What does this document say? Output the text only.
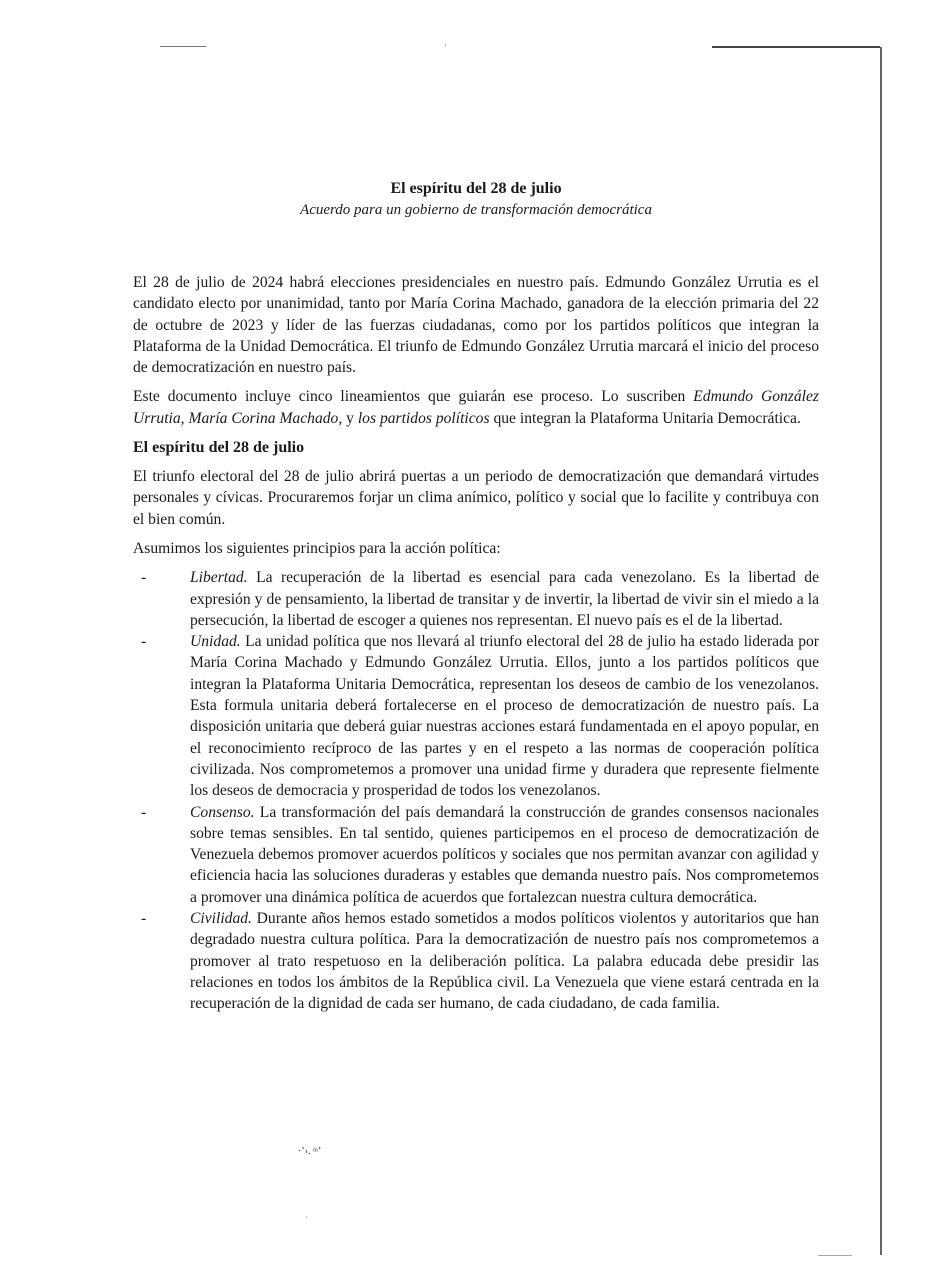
·
·ʼ›. ᵐʼ
·
El espíritu del 28 de julio
Acuerdo para un gobierno de transformación democrática

El 28 de julio de 2024 habrá elecciones presidenciales en nuestro país. Edmundo González Urrutia es el candidato electo por unanimidad, tanto por María Corina Machado, ganadora de la elección primaria del 22 de octubre de 2023 y líder de las fuerzas ciudadanas, como por los partidos políticos que integran la Plataforma de la Unidad Democrática. El triunfo de Edmundo González Urrutia marcará el inicio del proceso de democratización en nuestro país.

Este documento incluye cinco lineamientos que guiarán ese proceso. Lo suscriben Edmundo González Urrutia, María Corina Machado, y los partidos políticos que integran la Plataforma Unitaria Democrática.

El espíritu del 28 de julio

El triunfo electoral del 28 de julio abrirá puertas a un periodo de democratización que demandará virtudes personales y cívicas. Procuraremos forjar un clima anímico, político y social que lo facilite y contribuya con el bien común.

Asumimos los siguientes principios para la acción política:

-	Libertad. La recuperación de la libertad es esencial para cada venezolano. Es la libertad de expresión y de pensamiento, la libertad de transitar y de invertir, la libertad de vivir sin el miedo a la persecución, la libertad de escoger a quienes nos representan. El nuevo país es el de la libertad.
-	Unidad. La unidad política que nos llevará al triunfo electoral del 28 de julio ha estado liderada por María Corina Machado y Edmundo González Urrutia. Ellos, junto a los partidos políticos que integran la Plataforma Unitaria Democrática, representan los deseos de cambio de los venezolanos. Esta formula unitaria deberá fortalecerse en el proceso de democratización de nuestro país. La disposición unitaria que deberá guiar nuestras acciones estará fundamentada en el apoyo popular, en el reconocimiento recíproco de las partes y en el respeto a las normas de cooperación política civilizada. Nos comprometemos a promover una unidad firme y duradera que represente fielmente los deseos de democracia y prosperidad de todos los venezolanos.
-	Consenso. La transformación del país demandará la construcción de grandes consensos nacionales sobre temas sensibles. En tal sentido, quienes participemos en el proceso de democratización de Venezuela debemos promover acuerdos políticos y sociales que nos permitan avanzar con agilidad y eficiencia hacia las soluciones duraderas y estables que demanda nuestro país. Nos comprometemos a promover una dinámica política de acuerdos que fortalezcan nuestra cultura democrática.
-	Civilidad. Durante años hemos estado sometidos a modos políticos violentos y autoritarios que han degradado nuestra cultura política. Para la democratización de nuestro país nos comprometemos a promover al trato respetuoso en la deliberación política. La palabra educada debe presidir las relaciones en todos los ámbitos de la República civil. La Venezuela que viene estará centrada en la recuperación de la dignidad de cada ser humano, de cada ciudadano, de cada familia.
